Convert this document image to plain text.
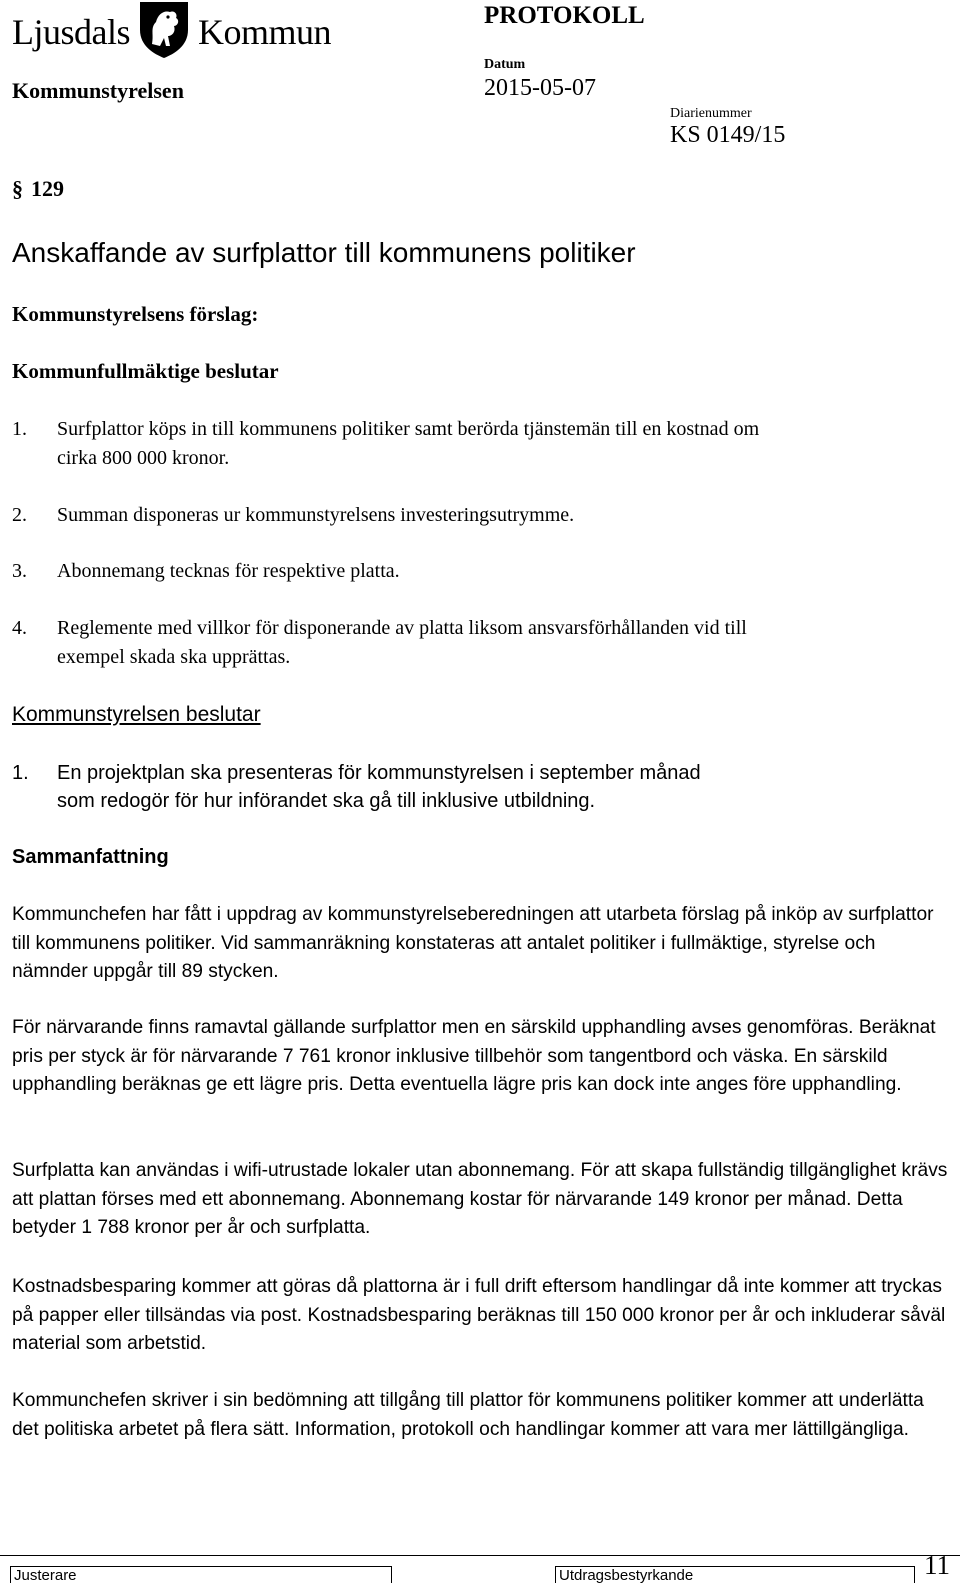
Ljusdals Kommun	PROTOKOLL
Kommunstyrelsen
Datum
2015-05-07
Diarienummer
KS 0149/15
§ 129
Anskaffande av surfplattor till kommunens politiker
Kommunstyrelsens förslag:
Kommunfullmäktige beslutar
1. Surfplattor köps in till kommunens politiker samt berörda tjänstemän till en kostnad om
cirka 800 000 kronor.
2. Summan disponeras ur kommunstyrelsens investeringsutrymme.
3. Abonnemang tecknas för respektive platta.
4. Reglemente med villkor för disponerande av platta liksom ansvarsförhållanden vid till
exempel skada ska upprättas.
Kommunstyrelsen beslutar
1. En projektplan ska presenteras för kommunstyrelsen i september månad
som redogör för hur införandet ska gå till inklusive utbildning.
Sammanfattning
Kommunchefen har fått i uppdrag av kommunstyrelseberedningen att utarbeta förslag på inköp av surfplattor till kommunens politiker. Vid sammanräkning konstateras att antalet politiker i fullmäktige, styrelse och nämnder uppgår till 89 stycken.
För närvarande finns ramavtal gällande surfplattor men en särskild upphandling avses genomföras. Beräknat pris per styck är för närvarande 7 761 kronor inklusive tillbehör som tangentbord och väska. En särskild upphandling beräknas ge ett lägre pris. Detta eventuella lägre pris kan dock inte anges före upphandling.
Surfplatta kan användas i wifi-utrustade lokaler utan abonnemang. För att skapa fullständig tillgänglighet krävs att plattan förses med ett abonnemang. Abonnemang kostar för närvarande 149 kronor per månad. Detta betyder 1 788 kronor per år och surfplatta.
Kostnadsbesparing kommer att göras då plattorna är i full drift eftersom handlingar då inte kommer att tryckas på papper eller tillsändas via post. Kostnadsbesparing beräknas till 150 000 kronor per år och inkluderar såväl material som arbetstid.
Kommunchefen skriver i sin bedömning att tillgång till plattor för kommunens politiker kommer att underlätta det politiska arbetet på flera sätt. Information, protokoll och handlingar kommer att vara mer lättillgängliga.
Justerare	Utdragsbestyrkande	11
